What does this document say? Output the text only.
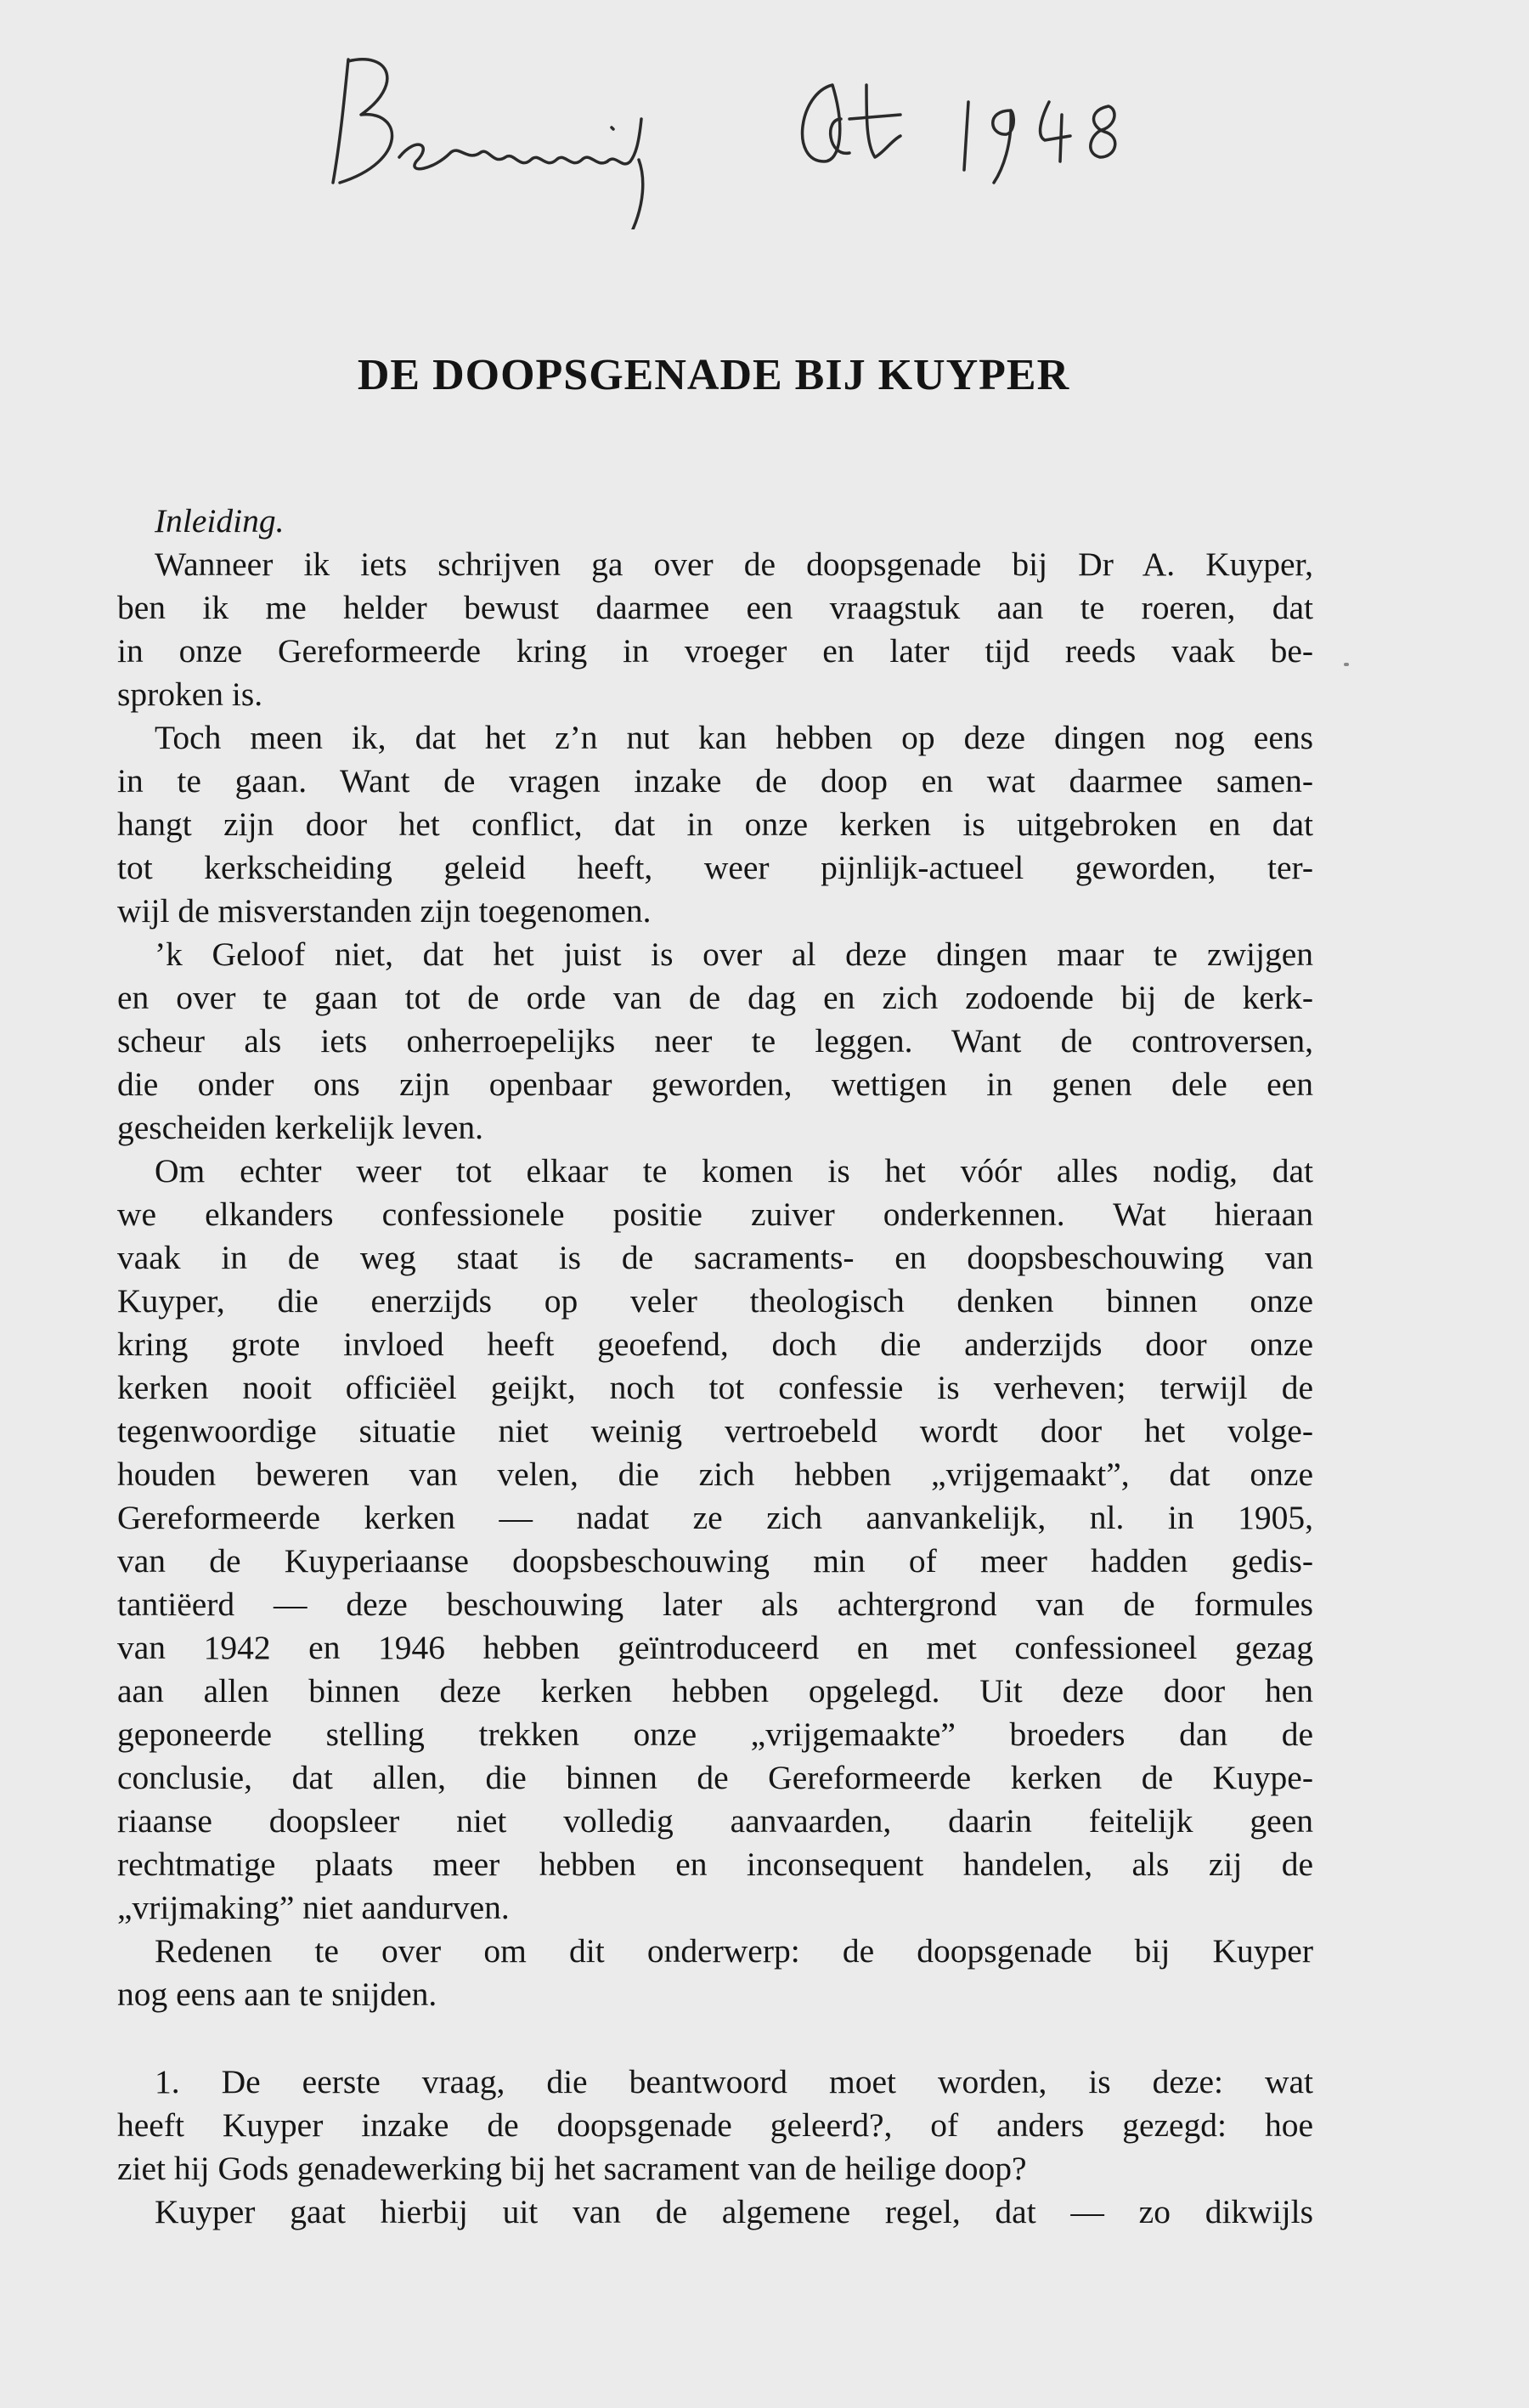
DE DOOPSGENADE BIJ KUYPER
Inleiding.
Wanneer ik iets schrijven ga over de doopsgenade bij Dr A. Kuyper,
ben ik me helder bewust daarmee een vraagstuk aan te roeren, dat
in onze Gereformeerde kring in vroeger en later tijd reeds vaak be-
sproken is.
Toch meen ik, dat het z’n nut kan hebben op deze dingen nog eens
in te gaan. Want de vragen inzake de doop en wat daarmee samen-
hangt zijn door het conflict, dat in onze kerken is uitgebroken en dat
tot kerkscheiding geleid heeft, weer pijnlijk-actueel geworden, ter-
wijl de misverstanden zijn toegenomen.
’k Geloof niet, dat het juist is over al deze dingen maar te zwijgen
en over te gaan tot de orde van de dag en zich zodoende bij de kerk-
scheur als iets onherroepelijks neer te leggen. Want de controversen,
die onder ons zijn openbaar geworden, wettigen in genen dele een
gescheiden kerkelijk leven.
Om echter weer tot elkaar te komen is het vóór alles nodig, dat
we elkanders confessionele positie zuiver onderkennen. Wat hieraan
vaak in de weg staat is de sacraments- en doopsbeschouwing van
Kuyper, die enerzijds op veler theologisch denken binnen onze
kring grote invloed heeft geoefend, doch die anderzijds door onze
kerken nooit officiëel geijkt, noch tot confessie is verheven; terwijl de
tegenwoordige situatie niet weinig vertroebeld wordt door het volge-
houden beweren van velen, die zich hebben „vrijgemaakt”, dat onze
Gereformeerde kerken — nadat ze zich aanvankelijk, nl. in 1905,
van de Kuyperiaanse doopsbeschouwing min of meer hadden gedis-
tantiëerd — deze beschouwing later als achtergrond van de formules
van 1942 en 1946 hebben geïntroduceerd en met confessioneel gezag
aan allen binnen deze kerken hebben opgelegd. Uit deze door hen
geponeerde stelling trekken onze „vrijgemaakte” broeders dan de
conclusie, dat allen, die binnen de Gereformeerde kerken de Kuype-
riaanse doopsleer niet volledig aanvaarden, daarin feitelijk geen
rechtmatige plaats meer hebben en inconsequent handelen, als zij de
„vrijmaking” niet aandurven.
Redenen te over om dit onderwerp: de doopsgenade bij Kuyper
nog eens aan te snijden.
1. De eerste vraag, die beantwoord moet worden, is deze: wat
heeft Kuyper inzake de doopsgenade geleerd?, of anders gezegd: hoe
ziet hij Gods genadewerking bij het sacrament van de heilige doop?
Kuyper gaat hierbij uit van de algemene regel, dat — zo dikwijls
